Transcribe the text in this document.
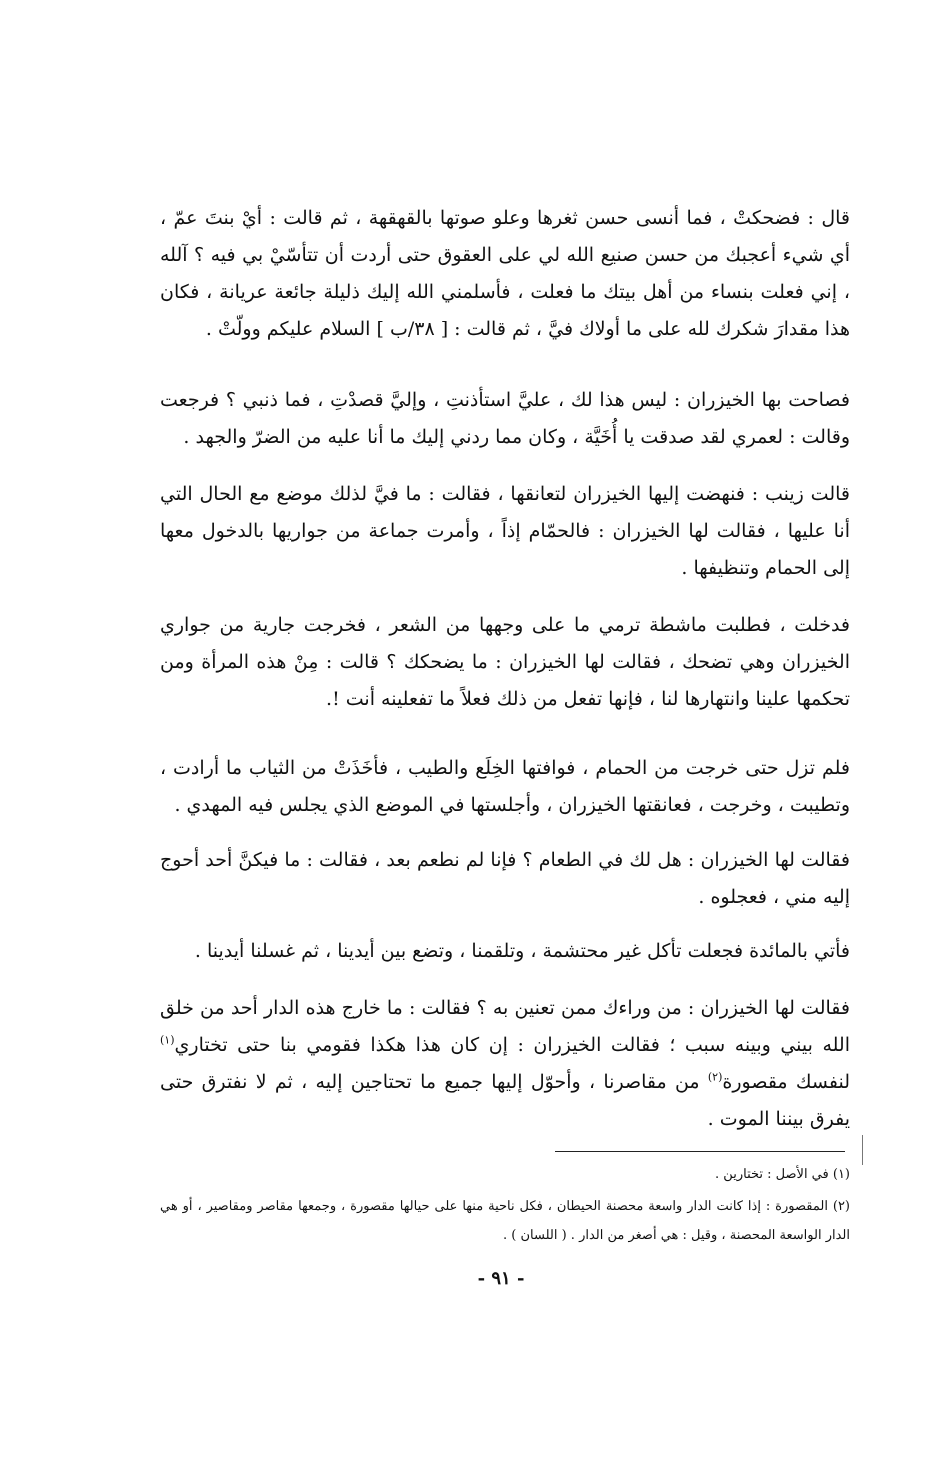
قال : فضحكتْ ، فما أنسى حسن ثغرها وعلو صوتها بالقهقهة ، ثم قالت : أيْ بنتَ عمّ ، أي شيء أعجبك من حسن صنيع الله لي على العقوق حتى أردت أن تتأسّيْ بي فيه ؟ آلله ، إني فعلت بنساء من أهل بيتك ما فعلت ، فأسلمني الله إليك ذليلة جائعة عريانة ، فكان هذا مقدارَ شكرك لله على ما أولاك فيَّ ، ثم قالت : [ ٣٨/ب ] السلام عليكم وولّتْ .

فصاحت بها الخيزران : ليس هذا لك ، عليَّ استأذنتِ ، وإليَّ قصدْتِ ، فما ذنبي ؟ فرجعت وقالت : لعمري لقد صدقت يا أُخَيَّة ، وكان مما ردني إليك ما أنا عليه من الضرّ والجهد .

قالت زينب : فنهضت إليها الخيزران لتعانقها ، فقالت : ما فيَّ لذلك موضع مع الحال التي أنا عليها ، فقالت لها الخيزران : فالحمّام إذاً ، وأمرت جماعة من جواريها بالدخول معها إلى الحمام وتنظيفها .

فدخلت ، فطلبت ماشطة ترمي ما على وجهها من الشعر ، فخرجت جارية من جواري الخيزران وهي تضحك ، فقالت لها الخيزران : ما يضحكك ؟ قالت : مِنْ هذه المرأة ومن تحكمها علينا وانتهارها لنا ، فإنها تفعل من ذلك فعلاً ما تفعلينه أنت !.

فلم تزل حتى خرجت من الحمام ، فوافتها الخِلَع والطيب ، فأخَذَتْ من الثياب ما أرادت ، وتطيبت ، وخرجت ، فعانقتها الخيزران ، وأجلستها في الموضع الذي يجلس فيه المهدي .

فقالت لها الخيزران : هل لك في الطعام ؟ فإنا لم نطعم بعد ، فقالت : ما فيكنَّ أحد أحوج إليه مني ، فعجلوه .

فأتي بالمائدة فجعلت تأكل غير محتشمة ، وتلقمنا ، وتضع بين أيدينا ، ثم غسلنا أيدينا .

فقالت لها الخيزران : من وراءك ممن تعنين به ؟ فقالت : ما خارج هذه الدار أحد من خلق الله بيني وبينه سبب ؛ فقالت الخيزران : إن كان هذا هكذا فقومي بنا حتى تختاري$^{(١)}$ لنفسك مقصورة$^{(٢)}$ من مقاصرنا ، وأحوّل إليها جميع ما تحتاجين إليه ، ثم لا نفترق حتى يفرق بيننا الموت .

(١) في الأصل : تختارين .

(٢) المقصورة : إذا كانت الدار واسعة محصنة الحيطان ، فكل ناحية منها على حيالها مقصورة ، وجمعها مقاصر ومقاصير ، أو هي الدار الواسعة المحصنة ، وقيل : هي أصغر من الدار . ( اللسان ) .

- ٩١ -
